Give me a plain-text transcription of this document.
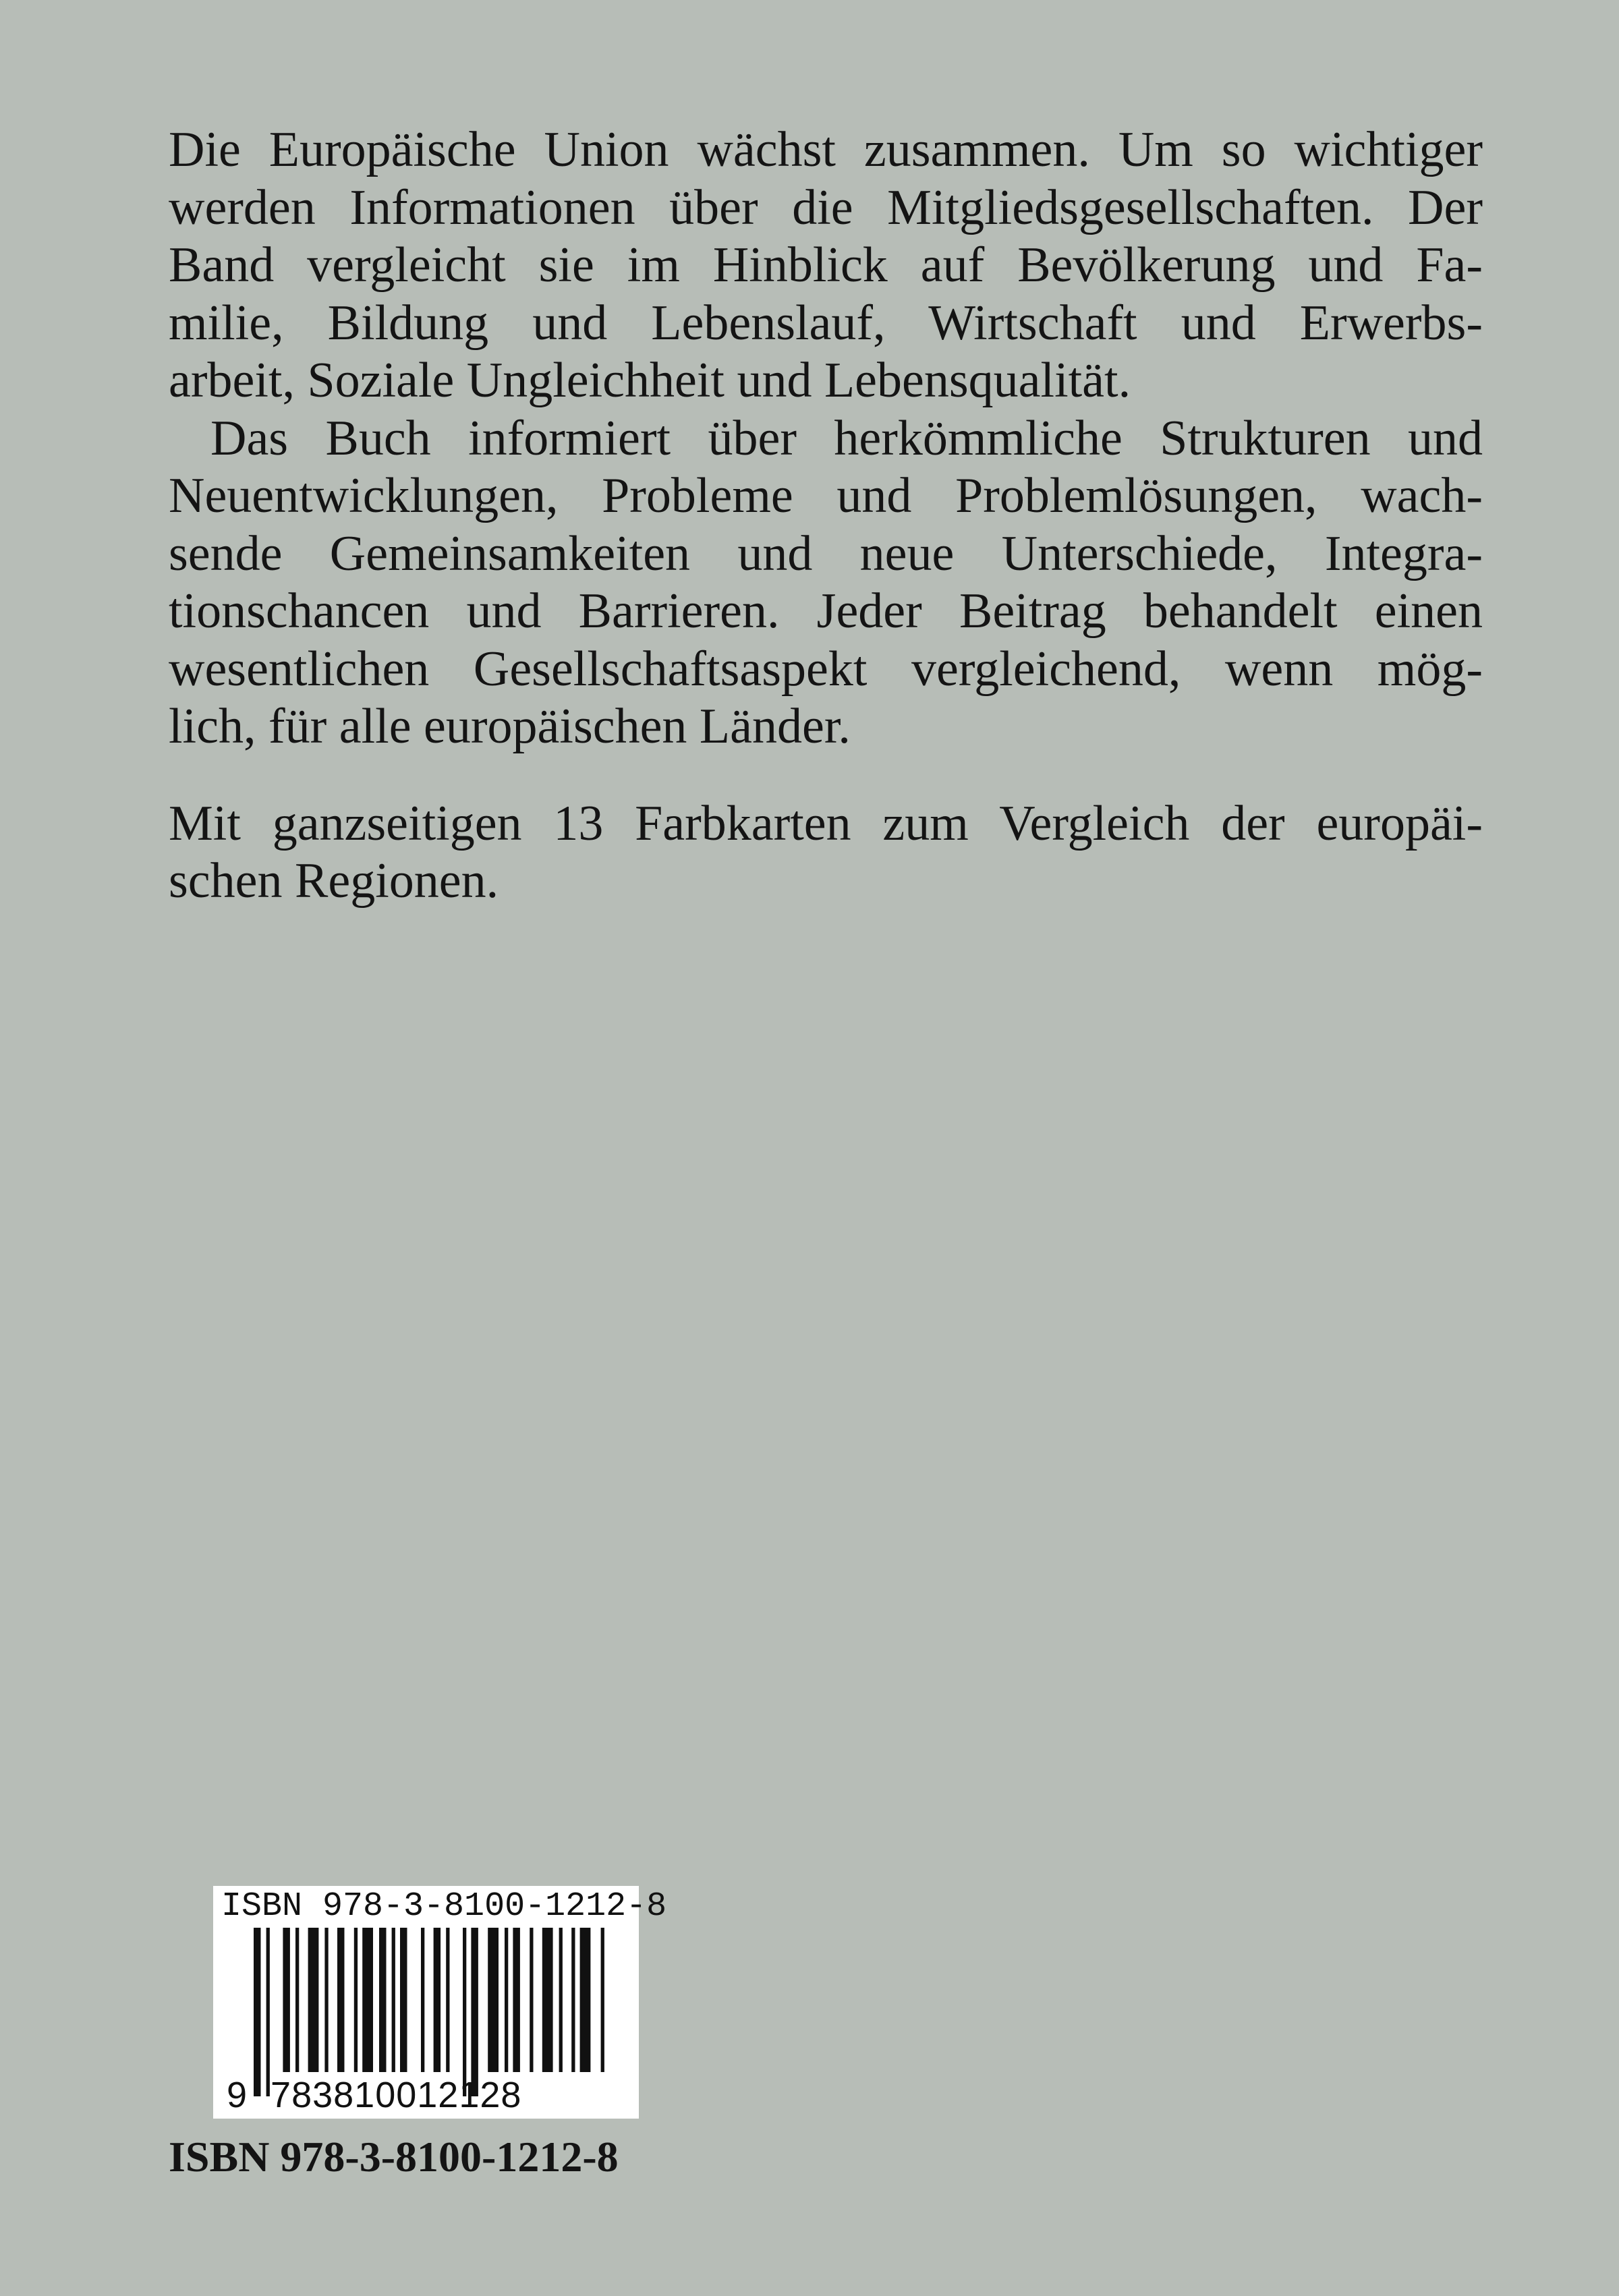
Die Europäische Union wächst zusammen. Um so wichtiger
werden Informationen über die Mitgliedsgesellschaften. Der
Band vergleicht sie im Hinblick auf Bevölkerung und Fa-
milie, Bildung und Lebenslauf, Wirtschaft und Erwerbs-
arbeit, Soziale Ungleichheit und Lebensqualität.
Das Buch informiert über herkömmliche Strukturen und
Neuentwicklungen, Probleme und Problemlösungen, wach-
sende Gemeinsamkeiten und neue Unterschiede, Integra-
tionschancen und Barrieren. Jeder Beitrag behandelt einen
wesentlichen Gesellschaftsaspekt vergleichend, wenn mög-
lich, für alle europäischen Länder.
Mit ganzseitigen 13 Farbkarten zum Vergleich der europäi-
schen Regionen.
ISBN 978-3-8100-1212-8
9 783810012128
ISBN 978-3-8100-1212-8
